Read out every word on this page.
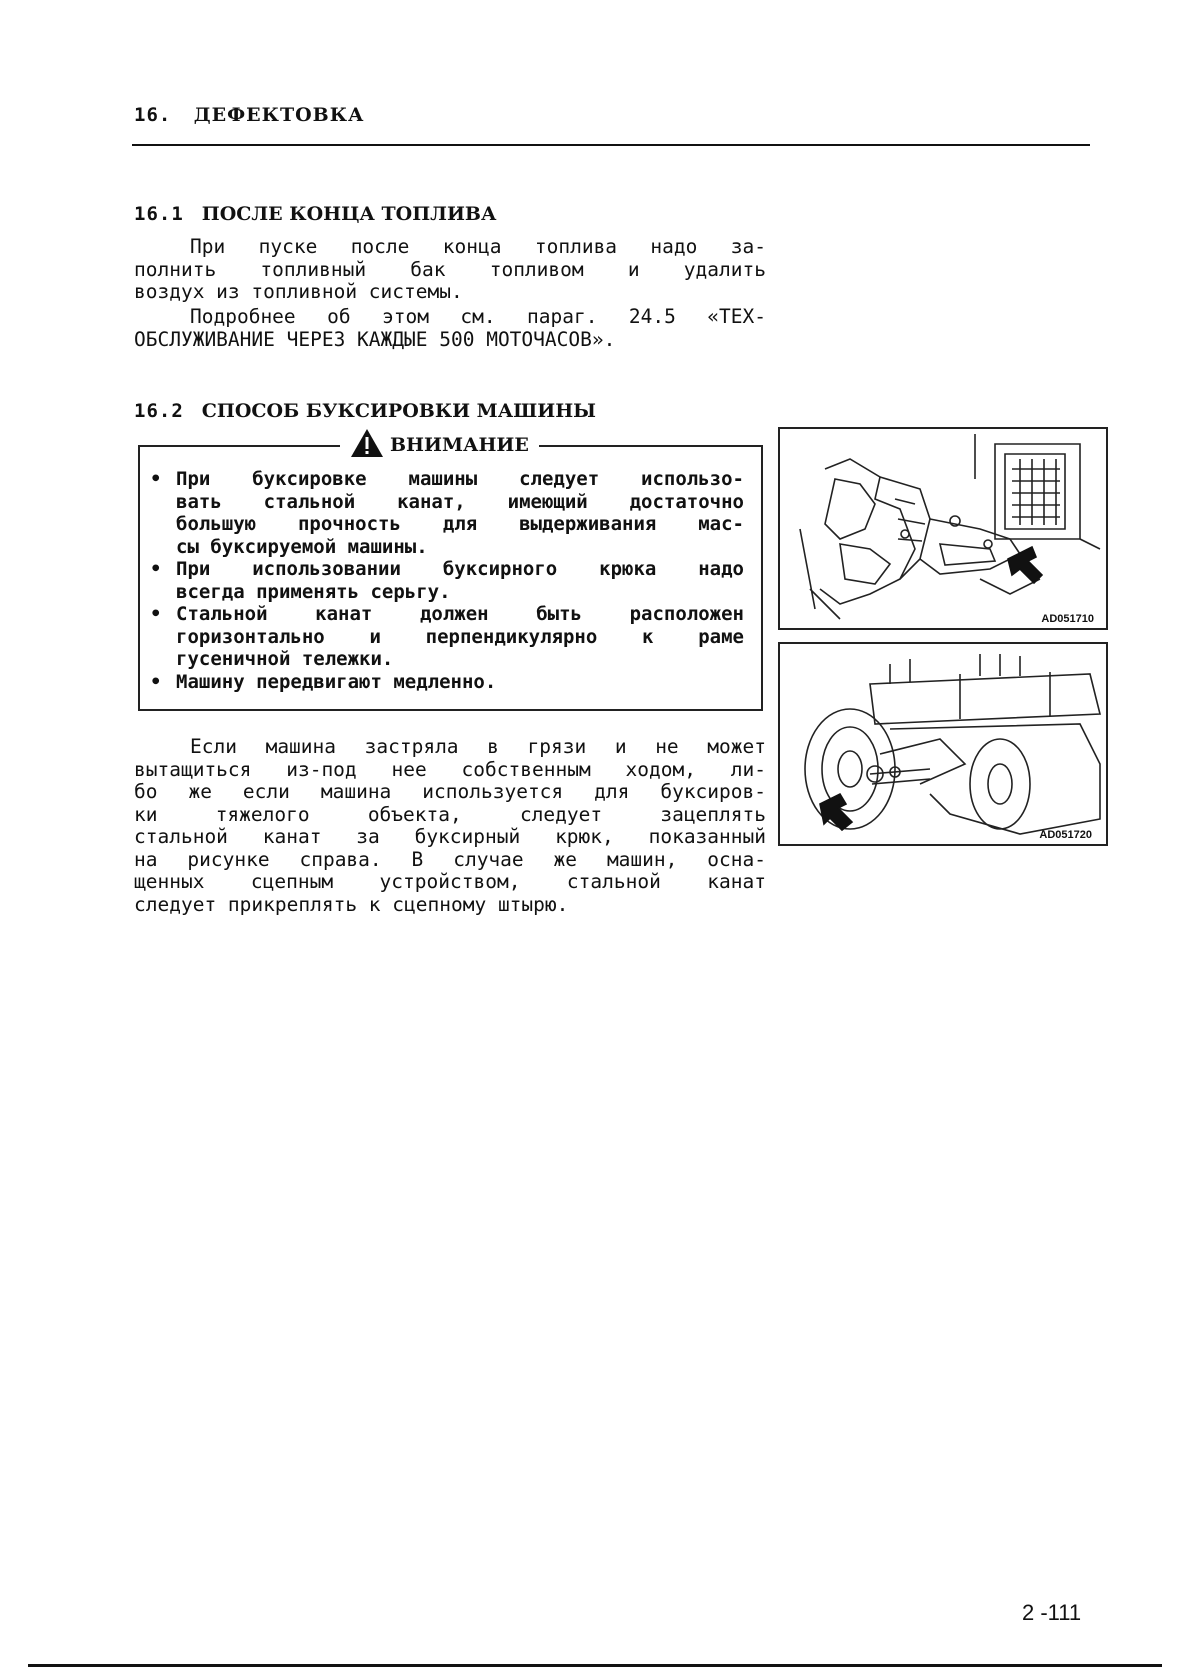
16. ДЕФЕКТОВКА
16.1 ПОСЛЕ КОНЦА ТОПЛИВА
При пуске после конца топлива надо за-
полнить топливный бак топливом и удалить
воздух из топливной системы.
Подробнее об этом см. параг. 24.5 «ТЕХ-
ОБСЛУЖИВАНИЕ ЧЕРЕЗ КАЖДЫЕ 500 МОТОЧАСОВ».
16.2 СПОСОБ БУКСИРОВКИ МАШИНЫ
ВНИМАНИЕ
• При буксировке машины следует использо-
вать стальной канат, имеющий достаточно
большую прочность для выдерживания мас-
сы буксируемой машины.
• При использовании буксирного крюка надо
всегда применять серьгу.
• Стальной канат должен быть расположен
горизонтально и перпендикулярно к раме
гусеничной тележки.
• Машину передвигают медленно.
Если машина застряла в грязи и не может
вытащиться из-под нее собственным ходом, ли-
бо же если машина используется для буксиров-
ки тяжелого объекта, следует зацеплять
стальной канат за буксирный крюк, показанный
на рисунке справа. В случае же машин, осна-
щенных сцепным устройством, стальной канат
следует прикреплять к сцепному штырю.
AD051710
AD051720
2 -111
